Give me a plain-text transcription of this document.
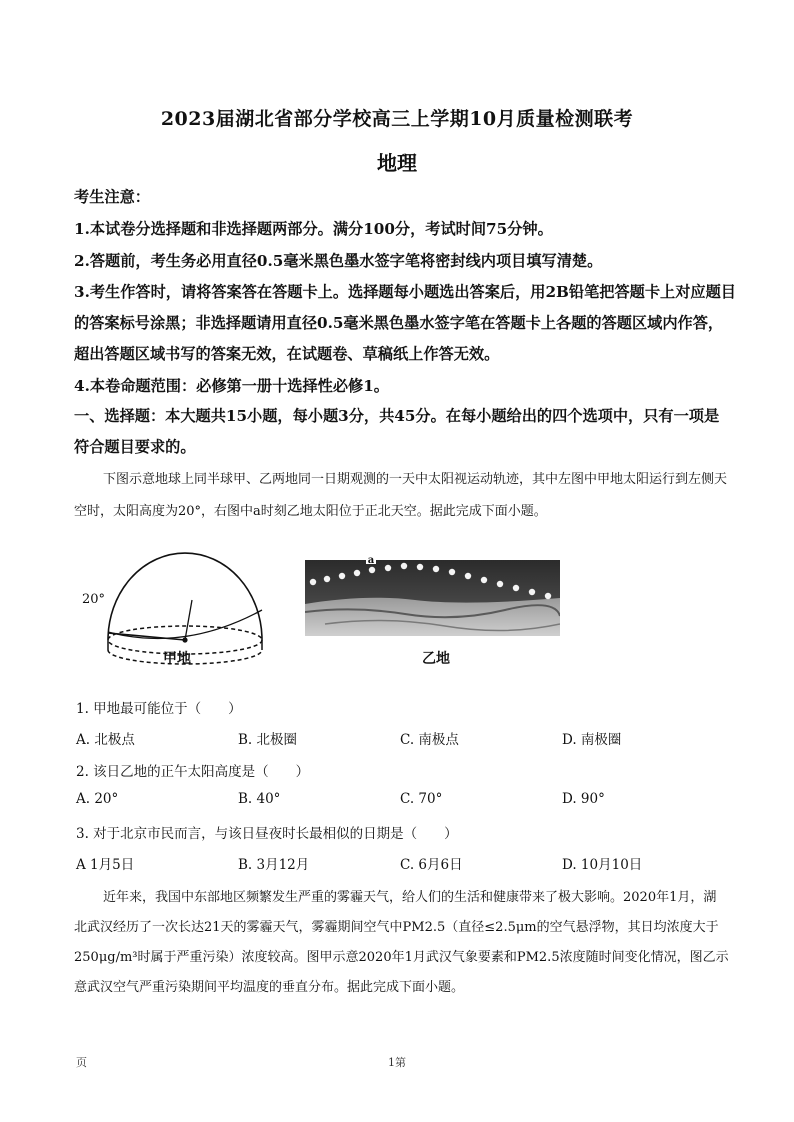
2023届湖北省部分学校高三上学期10月质量检测联考
地理
考生注意：
1.本试卷分选择题和非选择题两部分。满分100分，考试时间75分钟。
2.答题前，考生务必用直径0.5毫米黑色墨水签字笔将密封线内项目填写清楚。
3.考生作答时，请将答案答在答题卡上。选择题每小题选出答案后，用2B铅笔把答题卡上对应题目
的答案标号涂黑；非选择题请用直径0.5毫米黑色墨水签字笔在答题卡上各题的答题区域内作答，
超出答题区域书写的答案无效，在试题卷、草稿纸上作答无效。
4.本卷命题范围：必修第一册十选择性必修1。
一、选择题：本大题共15小题，每小题3分，共45分。在每小题给出的四个选项中，只有一项是
符合题目要求的。
下图示意地球上同半球甲、乙两地同一日期观测的一天中太阳视运动轨迹，其中左图中甲地太阳运行到左侧天
空时，太阳高度为20°，右图中a时刻乙地太阳位于正北天空。据此完成下面小题。
20°
甲地
a
乙地
1. 甲地最可能位于（　　）
A. 北极点	B. 北极圈	C. 南极点	D. 南极圈
2. 该日乙地的正午太阳高度是（　　）
A. 20°	B. 40°	C. 70°	D. 90°
3. 对于北京市民而言，与该日昼夜时长最相似的日期是（　　）
A 1月5日	B. 3月12月	C. 6月6日	D. 10月10日
近年来，我国中东部地区频繁发生严重的雾霾天气，给人们的生活和健康带来了极大影响。2020年1月，湖
北武汉经历了一次长达21天的雾霾天气，雾霾期间空气中PM2.5（直径≤2.5μm的空气悬浮物，其日均浓度大于
250μg/m³时属于严重污染）浓度较高。图甲示意2020年1月武汉气象要素和PM2.5浓度随时间变化情况，图乙示
意武汉空气严重污染期间平均温度的垂直分布。据此完成下面小题。
页	1第
